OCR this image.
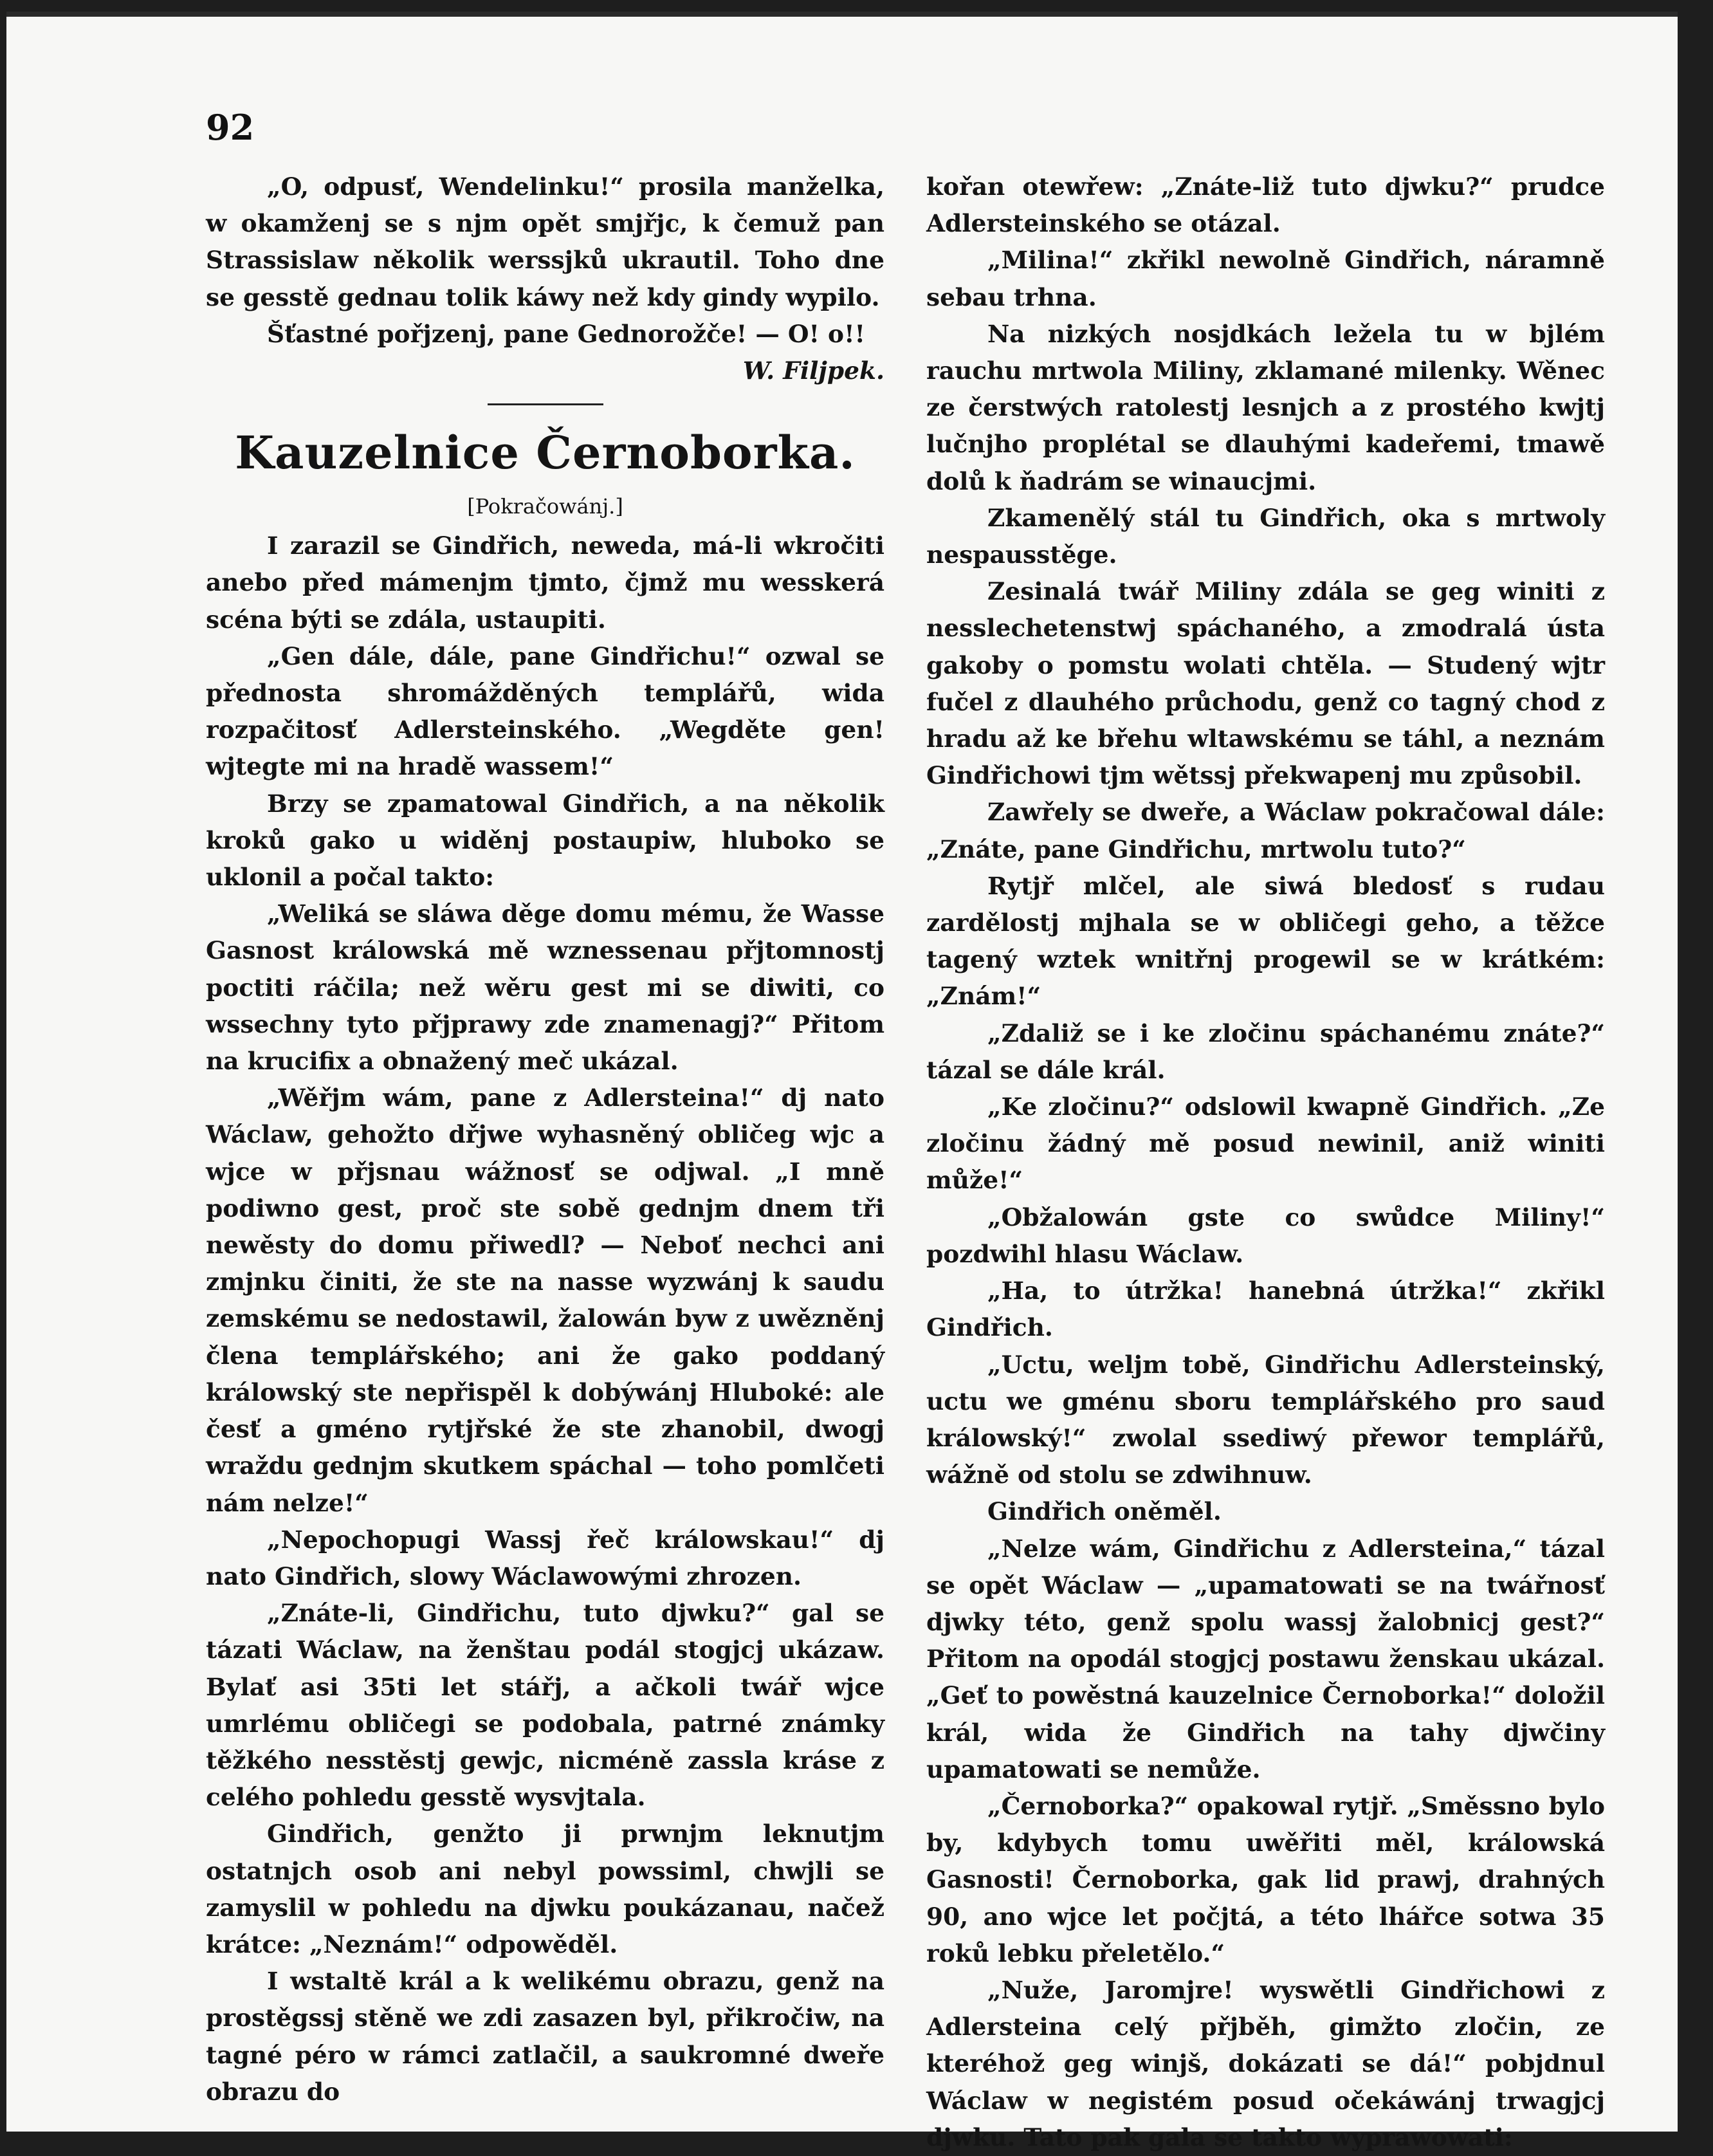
92

„O, odpusť, Wendelinku!“ prosila manželka, w okamženj se s njm opět smjřjc, k čemuž pan Strassislaw několik werssjků ukrautil. Toho dne se gesstě gednau tolik káwy než kdy gindy wypilo.

Šťastné pořjzenj, pane Gednorožče! — O! o!!

W. Filjpek.

Kauzelnice Černoborka.
[Pokračowánj.]

I zarazil se Gindřich, neweda, má-li wkročiti anebo před mámenjm tjmto, čjmž mu wesskerá scéna býti se zdála, ustaupiti.

„Gen dále, dále, pane Gindřichu!“ ozwal se přednosta shromážděných templářů, wida rozpačitosť Adlersteinského. „Wegděte gen! wjtegte mi na hradě wassem!“

Brzy se zpamatowal Gindřich, a na několik kroků gako u widěnj postaupiw, hluboko se uklonil a počal takto:

„Weliká se sláwa děge domu mému, že Wasse Gasnost králowská mě wznessenau přjtomnostj poctiti ráčila; než wěru gest mi se diwiti, co wssechny tyto přjprawy zde znamenagj?“ Přitom na krucifix a obnažený meč ukázal.

„Wěřjm wám, pane z Adlersteina!“ dj nato Wáclaw, gehožto dřjwe wyhasněný obličeg wjc a wjce w přjsnau wážnosť se odjwal. „I mně podiwno gest, proč ste sobě gednjm dnem tři newěsty do domu přiwedl? — Neboť nechci ani zmjnku činiti, že ste na nasse wyzwánj k saudu zemskému se nedostawil, žalowán byw z uwězněnj člena templářského; ani že gako poddaný králowský ste nepřispěl k dobýwánj Hluboké: ale česť a gméno rytjřské že ste zhanobil, dwogj wraždu gednjm skutkem spáchal — toho pomlčeti nám nelze!“

„Nepochopugi Wassj řeč králowskau!“ dj nato Gindřich, slowy Wáclawowými zhrozen.

„Znáte-li, Gindřichu, tuto djwku?“ gal se tázati Wáclaw, na ženštau podál stogjcj ukázaw. Bylať asi 35ti let stářj, a ačkoli twář wjce umrlému obličegi se podobala, patrné známky těžkého nesstěstj gewjc, nicméně zassla kráse z celého pohledu gesstě wysvjtala.

Gindřich, genžto ji prwnjm leknutjm ostatnjch osob ani nebyl powssiml, chwjli se zamyslil w pohledu na djwku poukázanau, načež krátce: „Neznám!“ odpowěděl.

I wstaltě král a k welikému obrazu, genž na prostěgssj stěně we zdi zasazen byl, přikročiw, na tagné péro w rámci zatlačil, a saukromné dweře obrazu do

kořan otewřew: „Znáte-liž tuto djwku?“ prudce Adlersteinského se otázal.

„Milina!“ zkřikl newolně Gindřich, náramně sebau trhna.

Na nizkých nosjdkách ležela tu w bjlém rauchu mrtwola Miliny, zklamané milenky. Wěnec ze čerstwých ratolestj lesnjch a z prostého kwjtj lučnjho proplétal se dlauhými kadeřemi, tmawě dolů k ňadrám se winaucjmi.

Zkamenělý stál tu Gindřich, oka s mrtwoly nespausstěge.

Zesinalá twář Miliny zdála se geg winiti z nesslechetenstwj spáchaného, a zmodralá ústa gakoby o pomstu wolati chtěla. — Studený wjtr fučel z dlauhého průchodu, genž co tagný chod z hradu až ke břehu wltawskému se táhl, a neznám Gindřichowi tjm wětssj překwapenj mu způsobil.

Zawřely se dweře, a Wáclaw pokračowal dále: „Znáte, pane Gindřichu, mrtwolu tuto?“

Rytjř mlčel, ale siwá bledosť s rudau zardělostj mjhala se w obličegi geho, a těžce tagený wztek wnitřnj progewil se w krátkém: „Znám!“

„Zdaliž se i ke zločinu spáchanému znáte?“ tázal se dále král.

„Ke zločinu?“ odslowil kwapně Gindřich. „Ze zločinu žádný mě posud newinil, aniž winiti může!“

„Obžalowán gste co swůdce Miliny!“ pozdwihl hlasu Wáclaw.

„Ha, to útržka! hanebná útržka!“ zkřikl Gindřich.

„Uctu, weljm tobě, Gindřichu Adlersteinský, uctu we gménu sboru templářského pro saud králowský!“ zwolal ssediwý přewor templářů, wážně od stolu se zdwihnuw.

Gindřich oněměl.

„Nelze wám, Gindřichu z Adlersteina,“ tázal se opět Wáclaw — „upamatowati se na twářnosť djwky této, genž spolu wassj žalobnicj gest?“ Přitom na opodál stogjcj postawu ženskau ukázal. „Geť to powěstná kauzelnice Černoborka!“ doložil král, wida že Gindřich na tahy djwčiny upamatowati se nemůže.

„Černoborka?“ opakowal rytjř. „Směssno bylo by, kdybych tomu uwěřiti měl, králowská Gasnosti! Černoborka, gak lid prawj, drahných 90, ano wjce let počjtá, a této lhářce sotwa 35 roků lebku přeletělo.“

„Nuže, Jaromjre! wyswětli Gindřichowi z Adlersteina celý přjběh, gimžto zločin, ze kteréhož geg winjš, dokázati se dá!“ pobjdnul Wáclaw w negistém posud očekáwánj trwagjcj djwku. Tato pak gala se takto wyprawowati:
